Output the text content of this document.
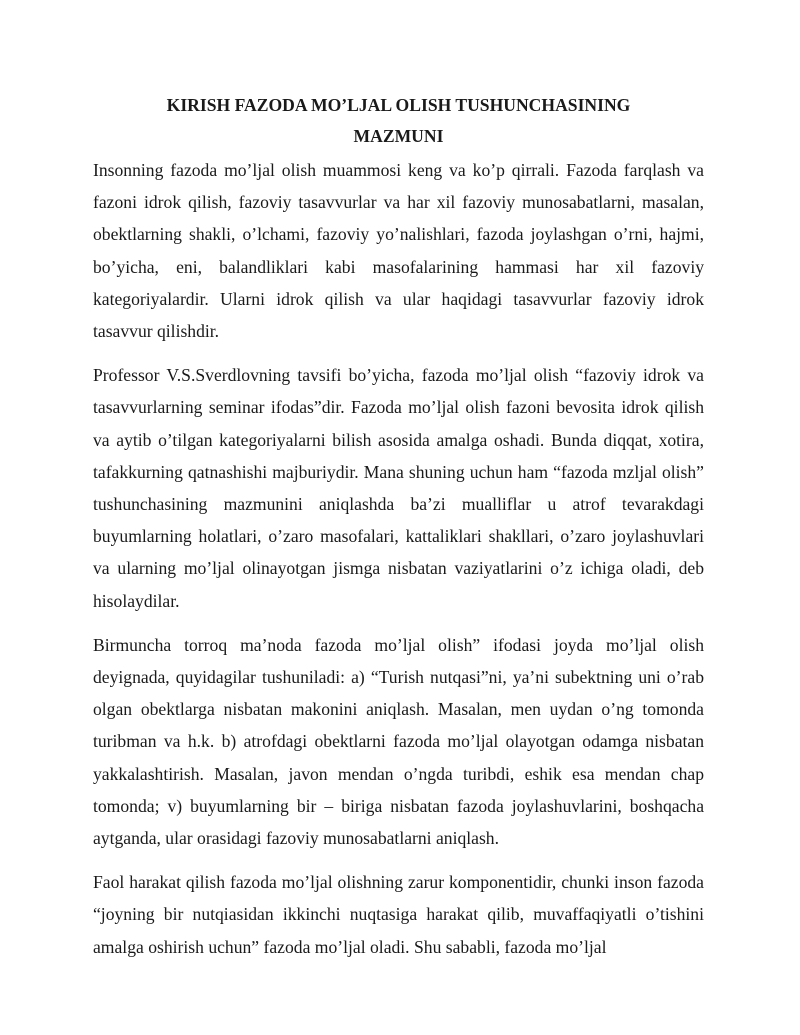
KIRISH FAZODA MO’LJAL OLISH TUSHUNCHASINING
MAZMUNI

Insonning fazoda mo’ljal olish muammosi keng va ko’p qirrali. Fazoda farqlash va fazoni idrok qilish, fazoviy tasavvurlar va har xil fazoviy munosabatlarni, masalan, obektlarning shakli, o’lchami, fazoviy yo’nalishlari, fazoda joylashgan o’rni, hajmi, bo’yicha, eni, balandliklari kabi masofalarining hammasi har xil fazoviy kategoriyalardir. Ularni idrok qilish va ular haqidagi tasavvurlar fazoviy idrok tasavvur qilishdir.

Professor V.S.Sverdlovning tavsifi bo’yicha, fazoda mo’ljal olish “fazoviy idrok va tasavvurlarning seminar ifodas”dir. Fazoda mo’ljal olish fazoni bevosita idrok qilish va aytib o’tilgan kategoriyalarni bilish asosida amalga oshadi. Bunda diqqat, xotira, tafakkurning qatnashishi majburiydir. Mana shuning uchun ham “fazoda mzljal olish” tushunchasining mazmunini aniqlashda ba’zi mualliflar u atrof tevarakdagi buyumlarning holatlari, o’zaro masofalari, kattaliklari shakllari, o’zaro joylashuvlari va ularning mo’ljal olinayotgan jismga nisbatan vaziyatlarini o’z ichiga oladi, deb hisolaydilar.

Birmuncha torroq ma’noda fazoda mo’ljal olish” ifodasi joyda mo’ljal olish deyignada, quyidagilar tushuniladi: a) “Turish nutqasi”ni, ya’ni subektning uni o’rab olgan obektlarga nisbatan makonini aniqlash. Masalan, men uydan o’ng tomonda turibman va h.k. b) atrofdagi obektlarni fazoda mo’ljal olayotgan odamga nisbatan yakkalashtirish. Masalan, javon mendan o’ngda turibdi, eshik esa mendan chap tomonda; v) buyumlarning bir – biriga nisbatan fazoda joylashuvlarini, boshqacha aytganda, ular orasidagi fazoviy munosabatlarni aniqlash.

Faol harakat qilish fazoda mo’ljal olishning zarur komponentidir, chunki inson fazoda “joyning bir nutqiasidan ikkinchi nuqtasiga harakat qilib, muvaffaqiyatli o’tishini amalga oshirish uchun” fazoda mo’ljal oladi. Shu sababli, fazoda mo’ljal
